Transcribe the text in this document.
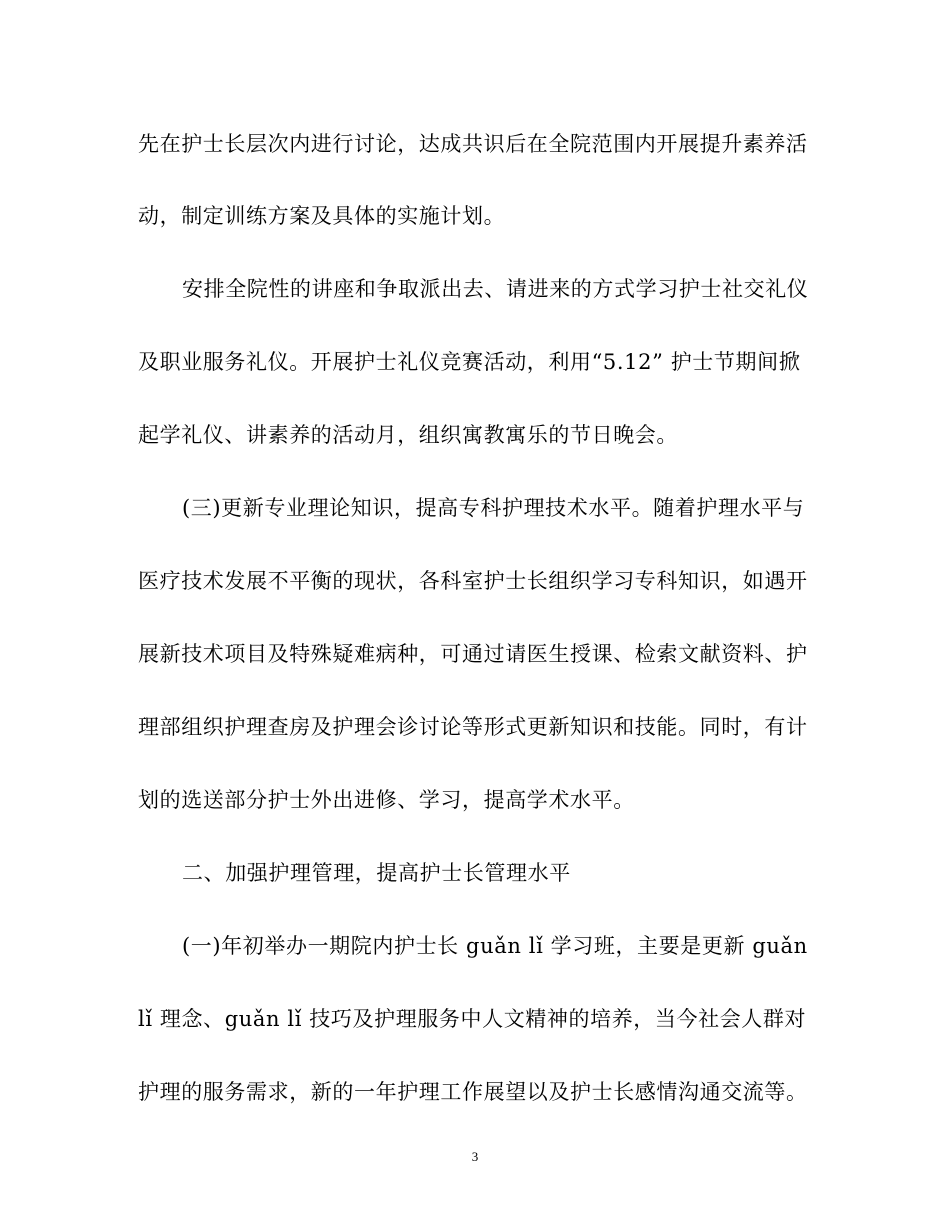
先在护士长层次内进行讨论，达成共识后在全院范围内开展提升素养活
动，制定训练方案及具体的实施计划。
安排全院性的讲座和争取派出去、请进来的方式学习护士社交礼仪
及职业服务礼仪。开展护士礼仪竞赛活动，利用“5.12” 护士节期间掀
起学礼仪、讲素养的活动月，组织寓教寓乐的节日晚会。
(三)更新专业理论知识，提高专科护理技术水平。随着护理水平与
医疗技术发展不平衡的现状，各科室护士长组织学习专科知识，如遇开
展新技术项目及特殊疑难病种，可通过请医生授课、检索文献资料、护
理部组织护理查房及护理会诊讨论等形式更新知识和技能。同时，有计
划的选送部分护士外出进修、学习，提高学术水平。
二、加强护理管理，提高护士长管理水平
(一)年初举办一期院内护士长 guǎn lǐ 学习班，主要是更新 guǎn
lǐ 理念、guǎn lǐ 技巧及护理服务中人文精神的培养，当今社会人群对
护理的服务需求，新的一年护理工作展望以及护士长感情沟通交流等。
3
